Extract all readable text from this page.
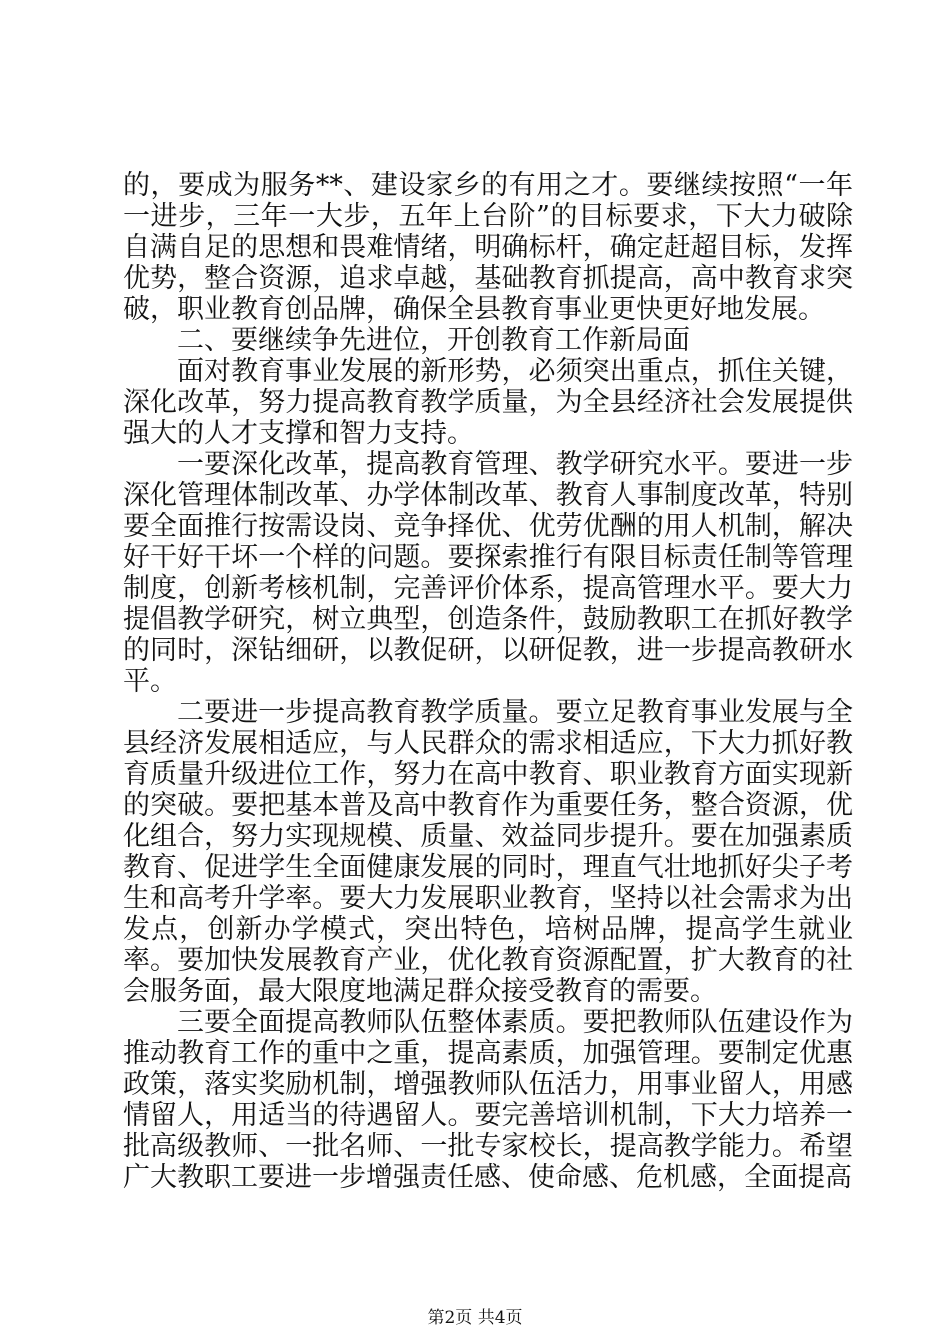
的，要成为服务**、建设家乡的有用之才。要继续按照“一年一进步，三年一大步，五年上台阶”的目标要求，下大力破除自满自足的思想和畏难情绪，明确标杆，确定赶超目标，发挥优势，整合资源，追求卓越，基础教育抓提高，高中教育求突破，职业教育创品牌，确保全县教育事业更快更好地发展。

二、要继续争先进位，开创教育工作新局面

面对教育事业发展的新形势，必须突出重点，抓住关键，深化改革，努力提高教育教学质量，为全县经济社会发展提供强大的人才支撑和智力支持。

一要深化改革，提高教育管理、教学研究水平。要进一步深化管理体制改革、办学体制改革、教育人事制度改革，特别要全面推行按需设岗、竞争择优、优劳优酬的用人机制，解决好干好干坏一个样的问题。要探索推行有限目标责任制等管理制度，创新考核机制，完善评价体系，提高管理水平。要大力提倡教学研究，树立典型，创造条件，鼓励教职工在抓好教学的同时，深钻细研，以教促研，以研促教，进一步提高教研水平。

二要进一步提高教育教学质量。要立足教育事业发展与全县经济发展相适应，与人民群众的需求相适应，下大力抓好教育质量升级进位工作，努力在高中教育、职业教育方面实现新的突破。要把基本普及高中教育作为重要任务，整合资源，优化组合，努力实现规模、质量、效益同步提升。要在加强素质教育、促进学生全面健康发展的同时，理直气壮地抓好尖子考生和高考升学率。要大力发展职业教育，坚持以社会需求为出发点，创新办学模式，突出特色，培树品牌，提高学生就业率。要加快发展教育产业，优化教育资源配置，扩大教育的社会服务面，最大限度地满足群众接受教育的需要。

三要全面提高教师队伍整体素质。要把教师队伍建设作为推动教育工作的重中之重，提高素质，加强管理。要制定优惠政策，落实奖励机制，增强教师队伍活力，用事业留人，用感情留人，用适当的待遇留人。要完善培训机制，下大力培养一批高级教师、一批名师、一批专家校长，提高教学能力。希望广大教职工要进一步增强责任感、使命感、危机感，全面提高

第2页 共4页
